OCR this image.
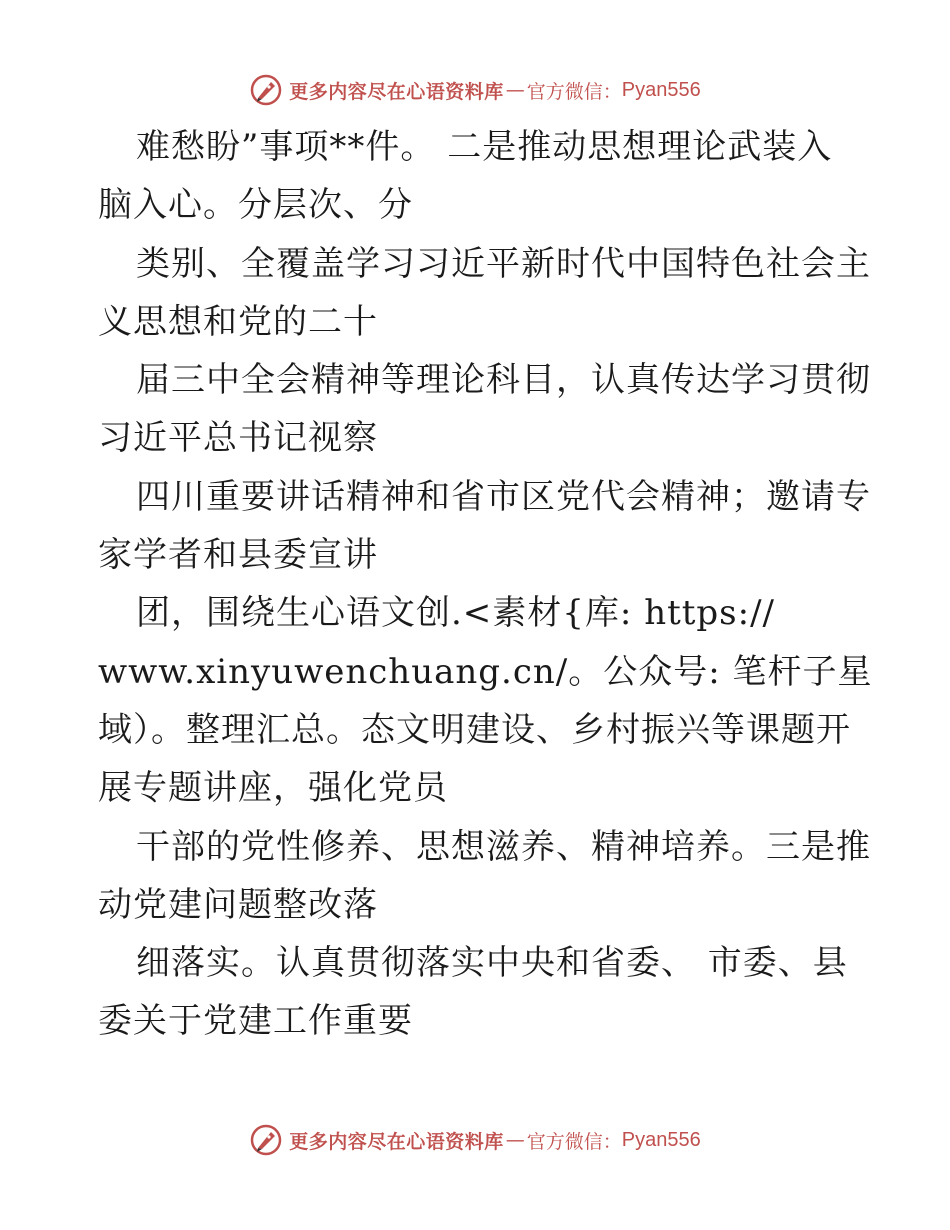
更多内容尽在心语资料库 — 官方微信： Pyan556
难愁盼”事项**件。 二是推动思想理论武装入
脑入心。分层次、分
类别、全覆盖学习习近平新时代中国特色社会主
义思想和党的二十
届三中全会精神等理论科目，认真传达学习贯彻
习近平总书记视察
四川重要讲话精神和省市区党代会精神；邀请专
家学者和县委宣讲
团，围绕生心语文创.<素材{库: https://
www.xinyuwenchuang.cn/。公众号: 笔杆子星
域）。整理汇总。态文明建设、乡村振兴等课题开
展专题讲座，强化党员
干部的党性修养、思想滋养、精神培养。三是推
动党建问题整改落
细落实。认真贯彻落实中央和省委、 市委、县
委关于党建工作重要
更多内容尽在心语资料库 — 官方微信： Pyan556
